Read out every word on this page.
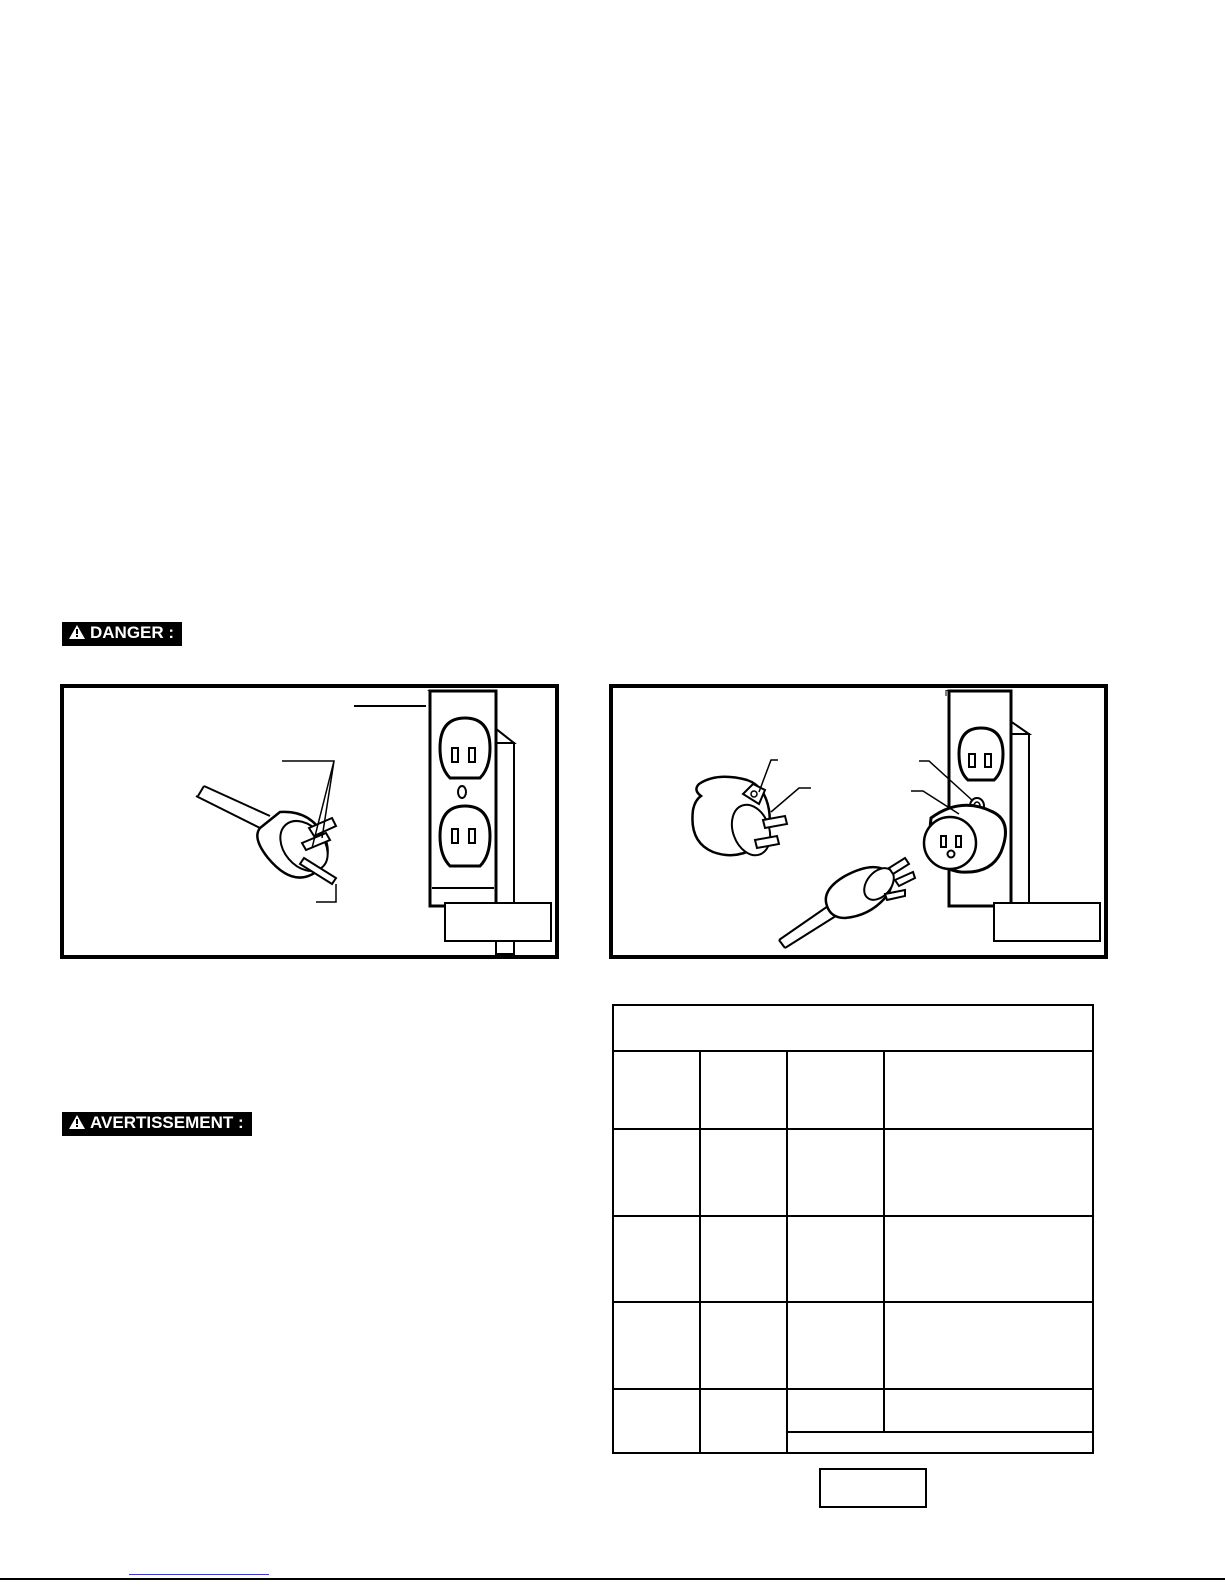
DANGER :
AVERTISSEMENT :
